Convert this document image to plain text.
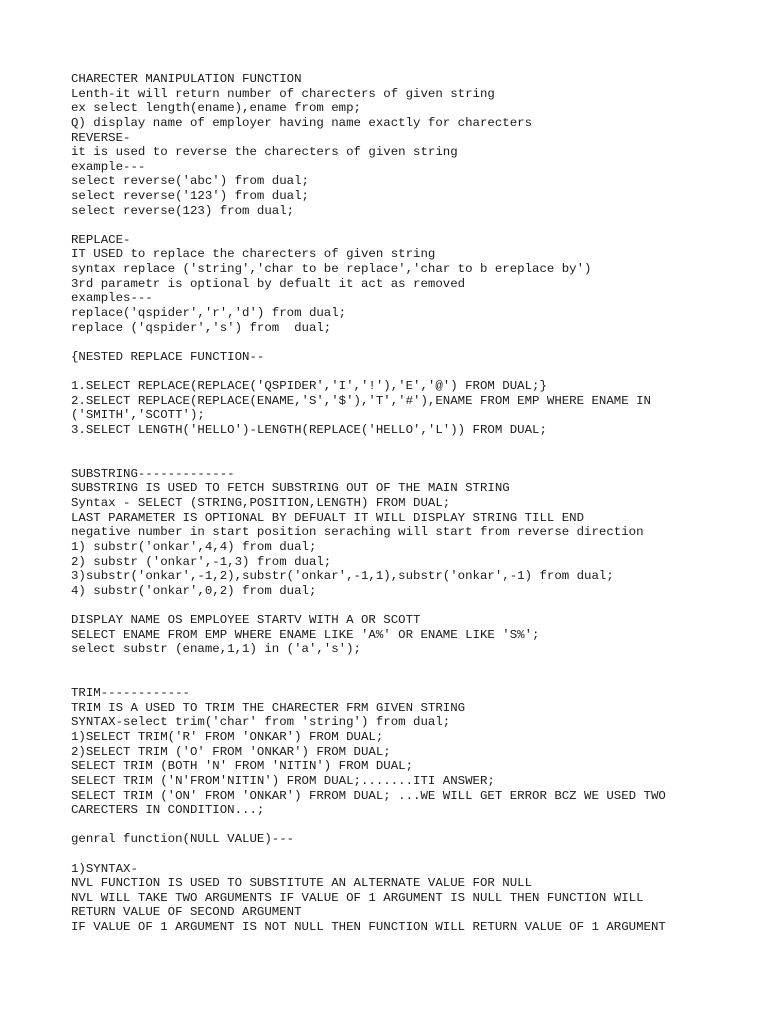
CHARECTER MANIPULATION FUNCTION
Lenth-it will return number of charecters of given string
ex select length(ename),ename from emp;
Q) display name of employer having name exactly for charecters
REVERSE-
it is used to reverse the charecters of given string
example---
select reverse('abc') from dual;
select reverse('123') from dual;
select reverse(123) from dual;
REPLACE-
IT USED to replace the charecters of given string
syntax replace ('string','char to be replace','char to b ereplace by')
3rd parametr is optional by defualt it act as removed
examples---
replace('qspider','r','d') from dual;
replace ('qspider','s') from  dual;
{NESTED REPLACE FUNCTION--
1.SELECT REPLACE(REPLACE('QSPIDER','I','!'),'E','@') FROM DUAL;}
2.SELECT REPLACE(REPLACE(ENAME,'S','$'),'T','#'),ENAME FROM EMP WHERE ENAME IN
('SMITH','SCOTT');
3.SELECT LENGTH('HELLO')-LENGTH(REPLACE('HELLO','L')) FROM DUAL;
SUBSTRING-------------
SUBSTRING IS USED TO FETCH SUBSTRING OUT OF THE MAIN STRING
Syntax - SELECT (STRING,POSITION,LENGTH) FROM DUAL;
LAST PARAMETER IS OPTIONAL BY DEFUALT IT WILL DISPLAY STRING TILL END
negative number in start position seraching will start from reverse direction
1) substr('onkar',4,4) from dual;
2) substr ('onkar',-1,3) from dual;
3)substr('onkar',-1,2),substr('onkar',-1,1),substr('onkar',-1) from dual;
4) substr('onkar',0,2) from dual;
DISPLAY NAME OS EMPLOYEE STARTV WITH A OR SCOTT
SELECT ENAME FROM EMP WHERE ENAME LIKE 'A%' OR ENAME LIKE 'S%';
select substr (ename,1,1) in ('a','s');
TRIM------------
TRIM IS A USED TO TRIM THE CHARECTER FRM GIVEN STRING
SYNTAX-select trim('char' from 'string') from dual;
1)SELECT TRIM('R' FROM 'ONKAR') FROM DUAL;
2)SELECT TRIM ('O' FROM 'ONKAR') FROM DUAL;
SELECT TRIM (BOTH 'N' FROM 'NITIN') FROM DUAL;
SELECT TRIM ('N'FROM'NITIN') FROM DUAL;.......ITI ANSWER;
SELECT TRIM ('ON' FROM 'ONKAR') FRROM DUAL; ...WE WILL GET ERROR BCZ WE USED TWO
CARECTERS IN CONDITION...;
genral function(NULL VALUE)---
1)SYNTAX-
NVL FUNCTION IS USED TO SUBSTITUTE AN ALTERNATE VALUE FOR NULL
NVL WILL TAKE TWO ARGUMENTS IF VALUE OF 1 ARGUMENT IS NULL THEN FUNCTION WILL
RETURN VALUE OF SECOND ARGUMENT
IF VALUE OF 1 ARGUMENT IS NOT NULL THEN FUNCTION WILL RETURN VALUE OF 1 ARGUMENT
